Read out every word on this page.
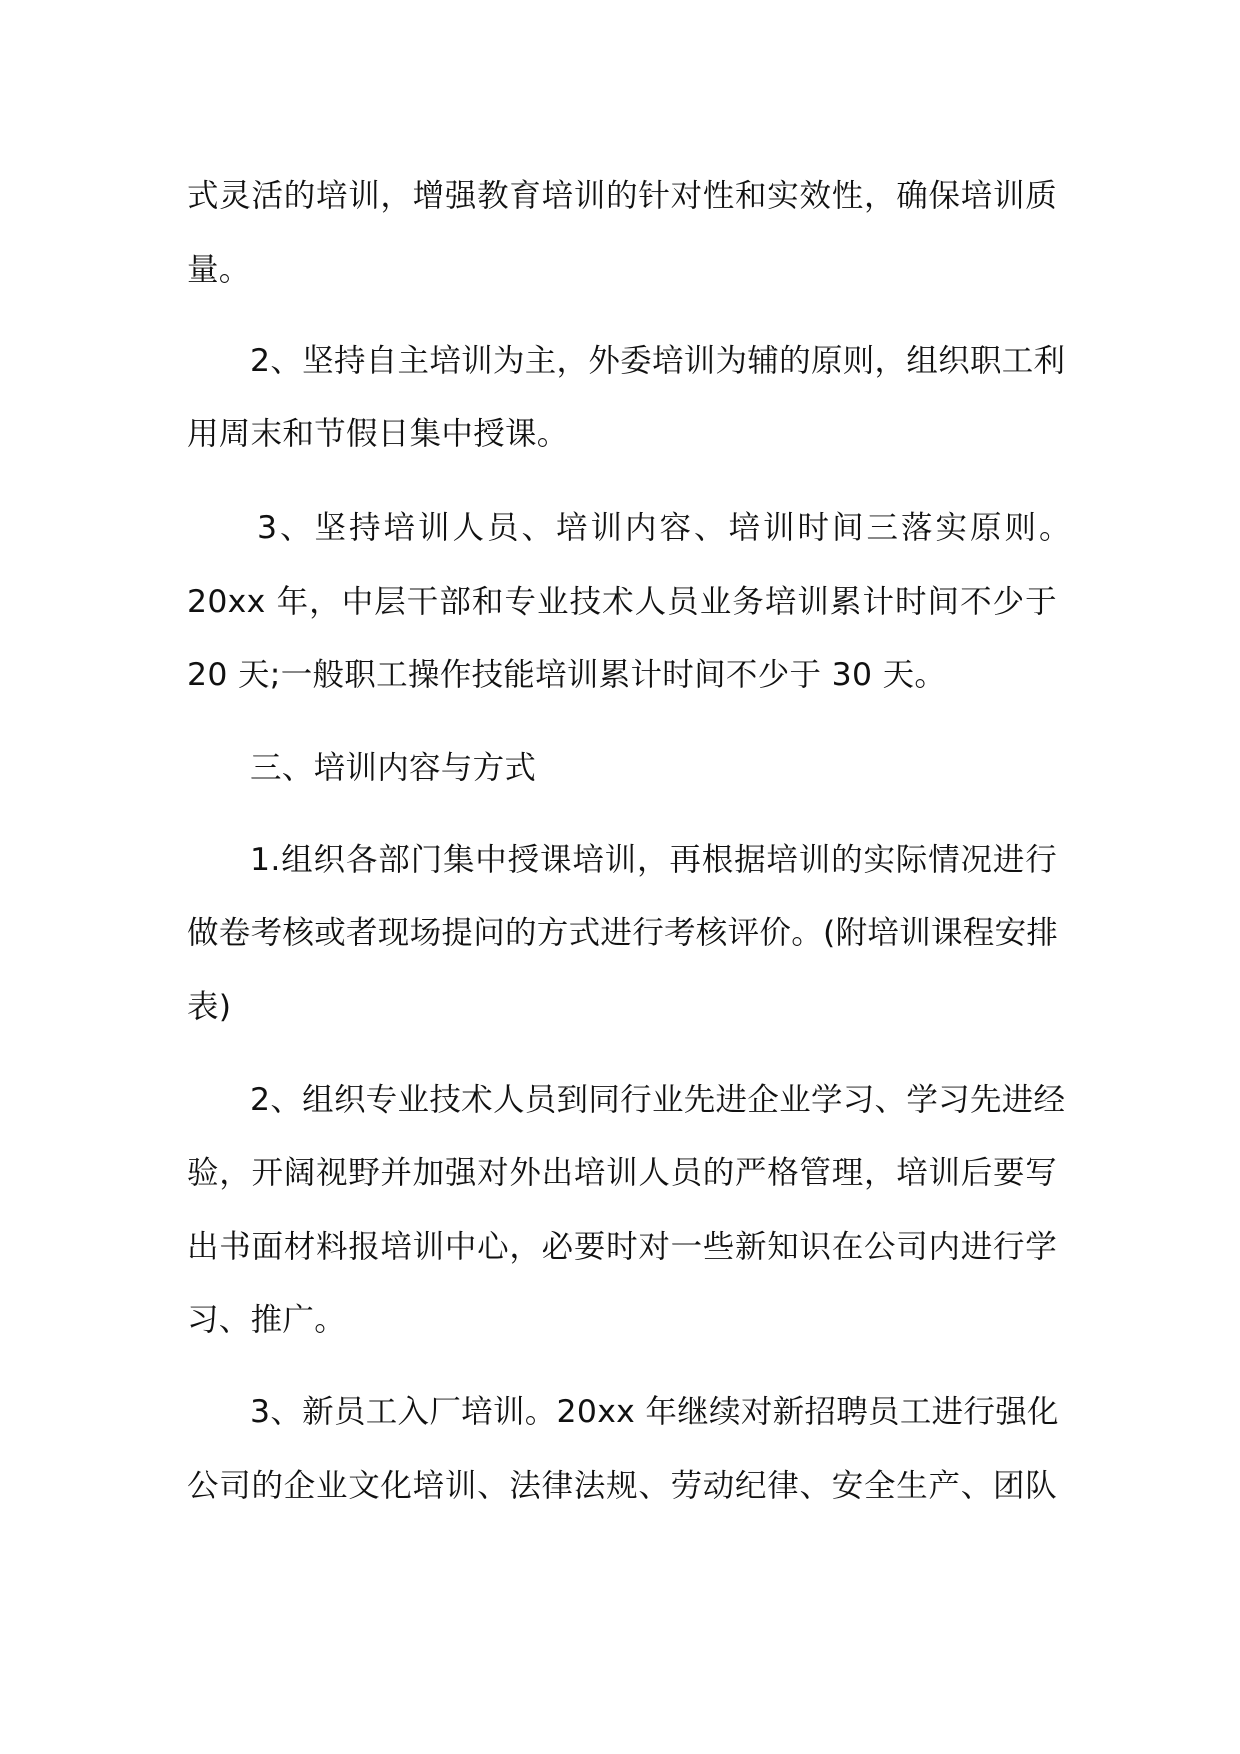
式灵活的培训，增强教育培训的针对性和实效性，确保培训质
量。
2、坚持自主培训为主，外委培训为辅的原则，组织职工利
用周末和节假日集中授课。
3、坚持培训人员、培训内容、培训时间三落实原则。
20xx 年，中层干部和专业技术人员业务培训累计时间不少于
20 天;一般职工操作技能培训累计时间不少于 30 天。
三、培训内容与方式
1.组织各部门集中授课培训，再根据培训的实际情况进行
做卷考核或者现场提问的方式进行考核评价。(附培训课程安排
表)
2、组织专业技术人员到同行业先进企业学习、学习先进经
验，开阔视野并加强对外出培训人员的严格管理，培训后要写
出书面材料报培训中心，必要时对一些新知识在公司内进行学
习、推广。
3、新员工入厂培训。20xx 年继续对新招聘员工进行强化
公司的企业文化培训、法律法规、劳动纪律、安全生产、团队
